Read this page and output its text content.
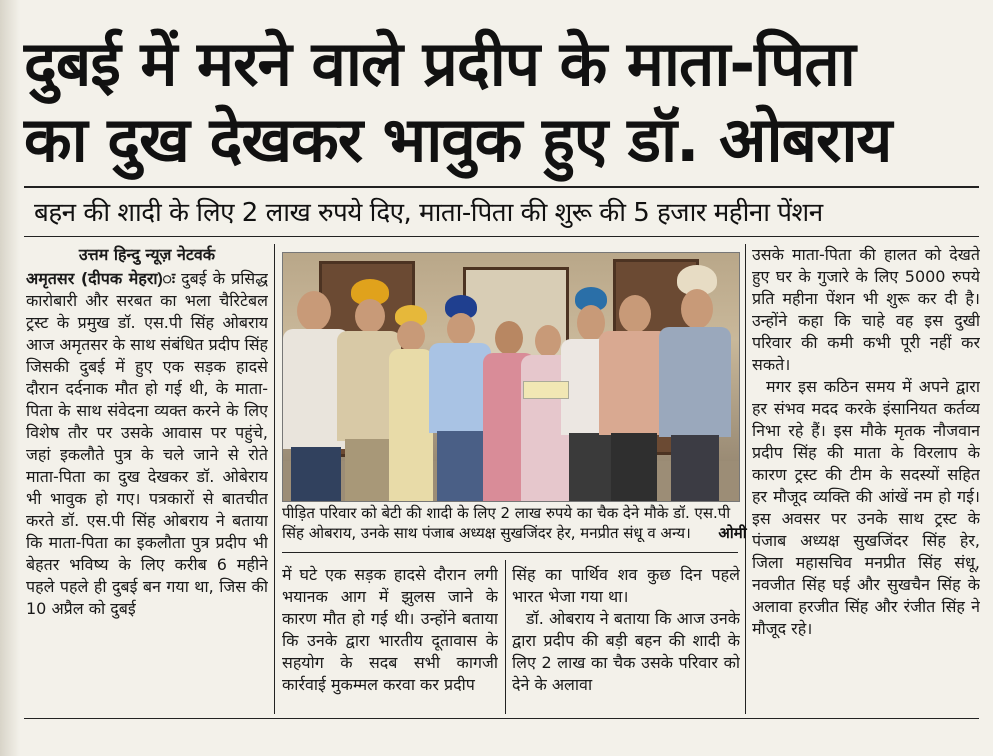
दुबई में मरने वाले प्रदीप के माता-पिता
का दुख देखकर भावुक हुए डॉ. ओबराय
बहन की शादी के लिए 2 लाख रुपये दिए, माता-पिता की शुरू की 5 हजार महीना पेंशन
उत्तम हिन्दु न्यूज़ नेटवर्क

अमृतसर (दीपक मेहरा)ः दुबई के प्रसिद्ध कारोबारी और सरबत का भला चैरिटेबल ट्रस्ट के प्रमुख डॉ. एस.पी सिंह ओबराय आज अमृतसर के साथ संबंधित प्रदीप सिंह जिसकी दुबई में हुए एक सड़क हादसे दौरान दर्दनाक मौत हो गई थी, के माता-पिता के साथ संवेदना व्यक्त करने के लिए विशेष तौर पर उसके आवास पर पहुंचे, जहां इकलौते पुत्र के चले जाने से रोते माता-पिता का दुख देखकर डॉ. ओबेराय भी भावुक हो गए। पत्रकारों से बातचीत करते डॉ. एस.पी सिंह ओबराय ने बताया कि माता-पिता का इकलौता पुत्र प्रदीप भी बेहतर भविष्य के लिए करीब 6 महीने पहले पहले ही दुबई बन गया था, जिस की 10 अप्रैल को दुबई

पीड़ित परिवार को बेटी की शादी के लिए 2 लाख रुपये का चैक देने मौके डॉ. एस.पी
सिंह ओबराय, उनके साथ पंजाब अध्यक्ष सुखजिंदर हेर, मनप्रीत संधू व अन्य। ओमी

में घटे एक सड़क हादसे दौरान लगी भयानक आग में झुलस जाने के कारण मौत हो गई थी। उन्होंने बताया कि उनके द्वारा भारतीय दूतावास के सहयोग के सदब सभी कागजी कार्रवाई मुकम्मल करवा कर प्रदीप

सिंह का पार्थिव शव कुछ दिन पहले भारत भेजा गया था।

डॉ. ओबराय ने बताया कि आज उनके द्वारा प्रदीप की बड़ी बहन की शादी के लिए 2 लाख का चैक उसके परिवार को देने के अलावा

उसके माता-पिता की हालत को देखते हुए घर के गुजारे के लिए 5000 रुपये प्रति महीना पेंशन भी शुरू कर दी है। उन्होंने कहा कि चाहे वह इस दुखी परिवार की कमी कभी पूरी नहीं कर सकते।

मगर इस कठिन समय में अपने द्वारा हर संभव मदद करके इंसानियत कर्तव्य निभा रहे हैं। इस मौके मृतक नौजवान प्रदीप सिंह की माता के विरलाप के कारण ट्रस्ट की टीम के सदस्यों सहित हर मौजूद व्यक्ति की आंखें नम हो गई। इस अवसर पर उनके साथ ट्रस्ट के पंजाब अध्यक्ष सुखजिंदर सिंह हेर, जिला महासचिव मनप्रीत सिंह संधू, नवजीत सिंह घई और सुखचैन सिंह के अलावा हरजीत सिंह और रंजीत सिंह ने मौजूद रहे।
